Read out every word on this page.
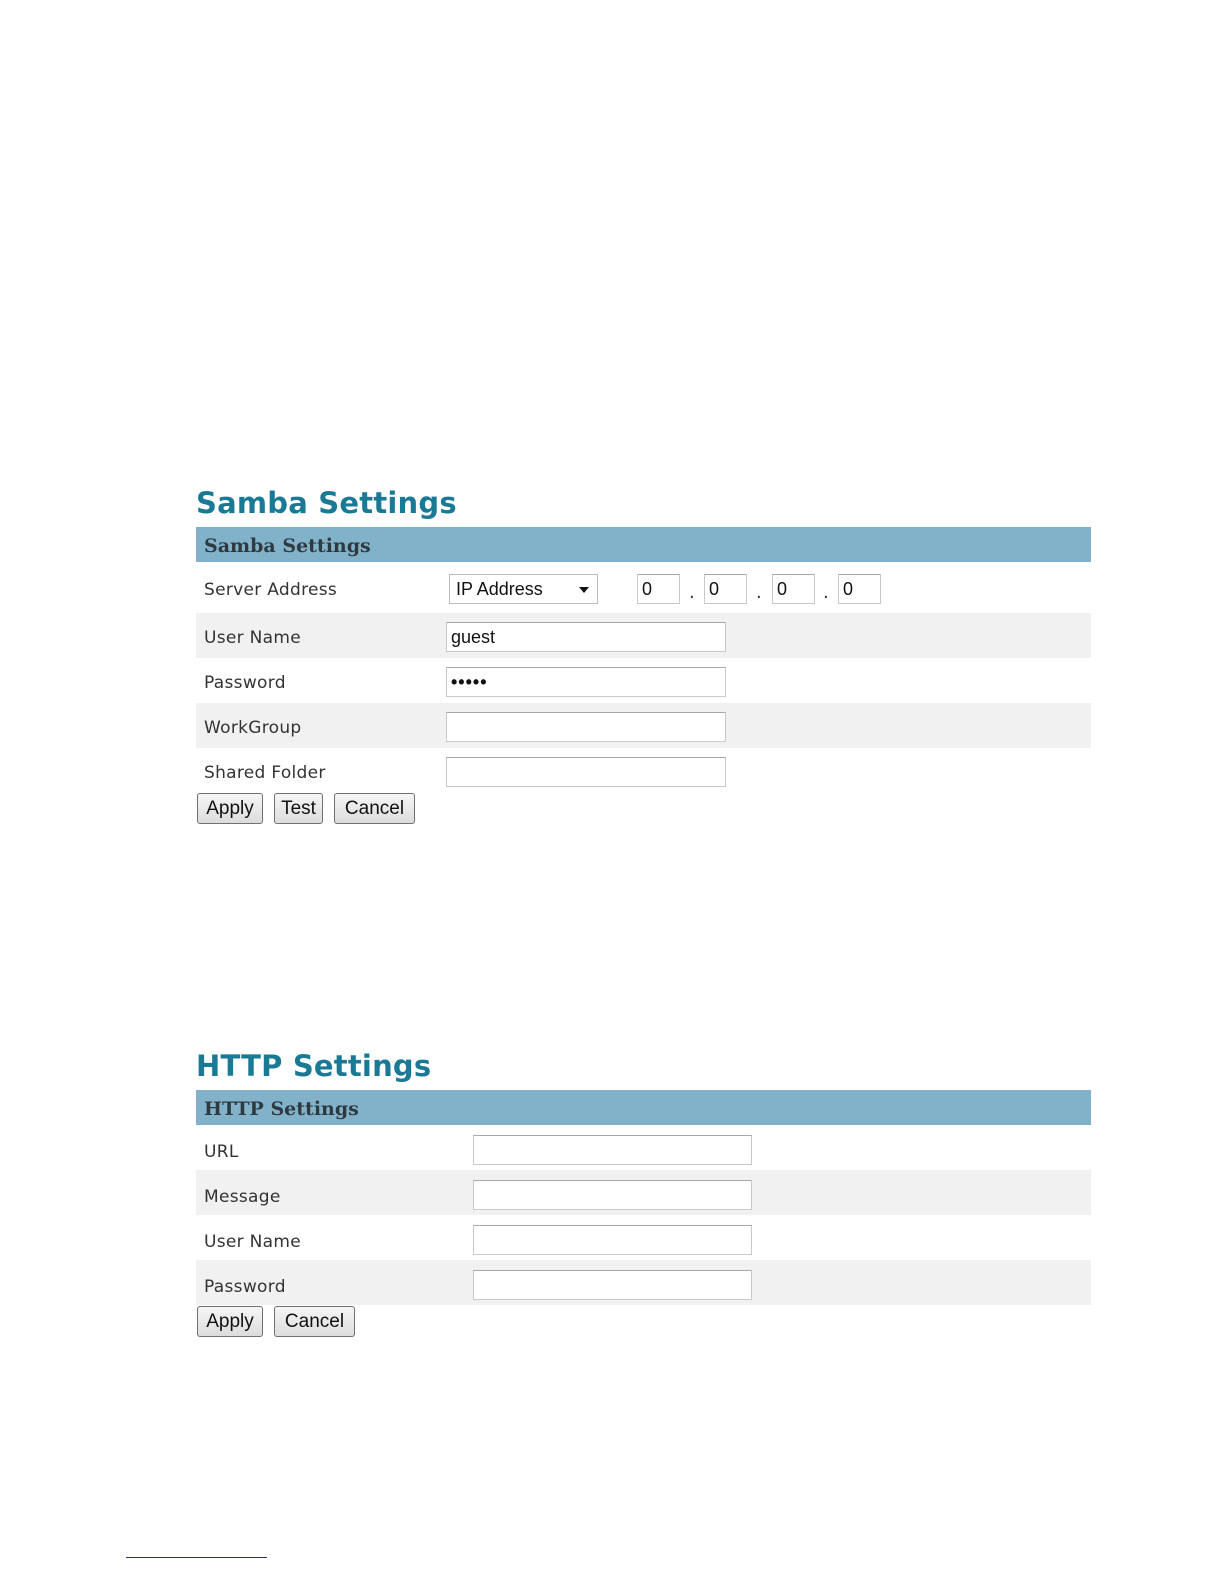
Samba Settings
Samba Settings
Server Address	IP Address	0	. 0	. 0	. 0
User Name	guest
Password	•••••
WorkGroup
Shared Folder
Apply	Test	Cancel
HTTP Settings
HTTP Settings
URL
Message
User Name
Password
Apply	Cancel
